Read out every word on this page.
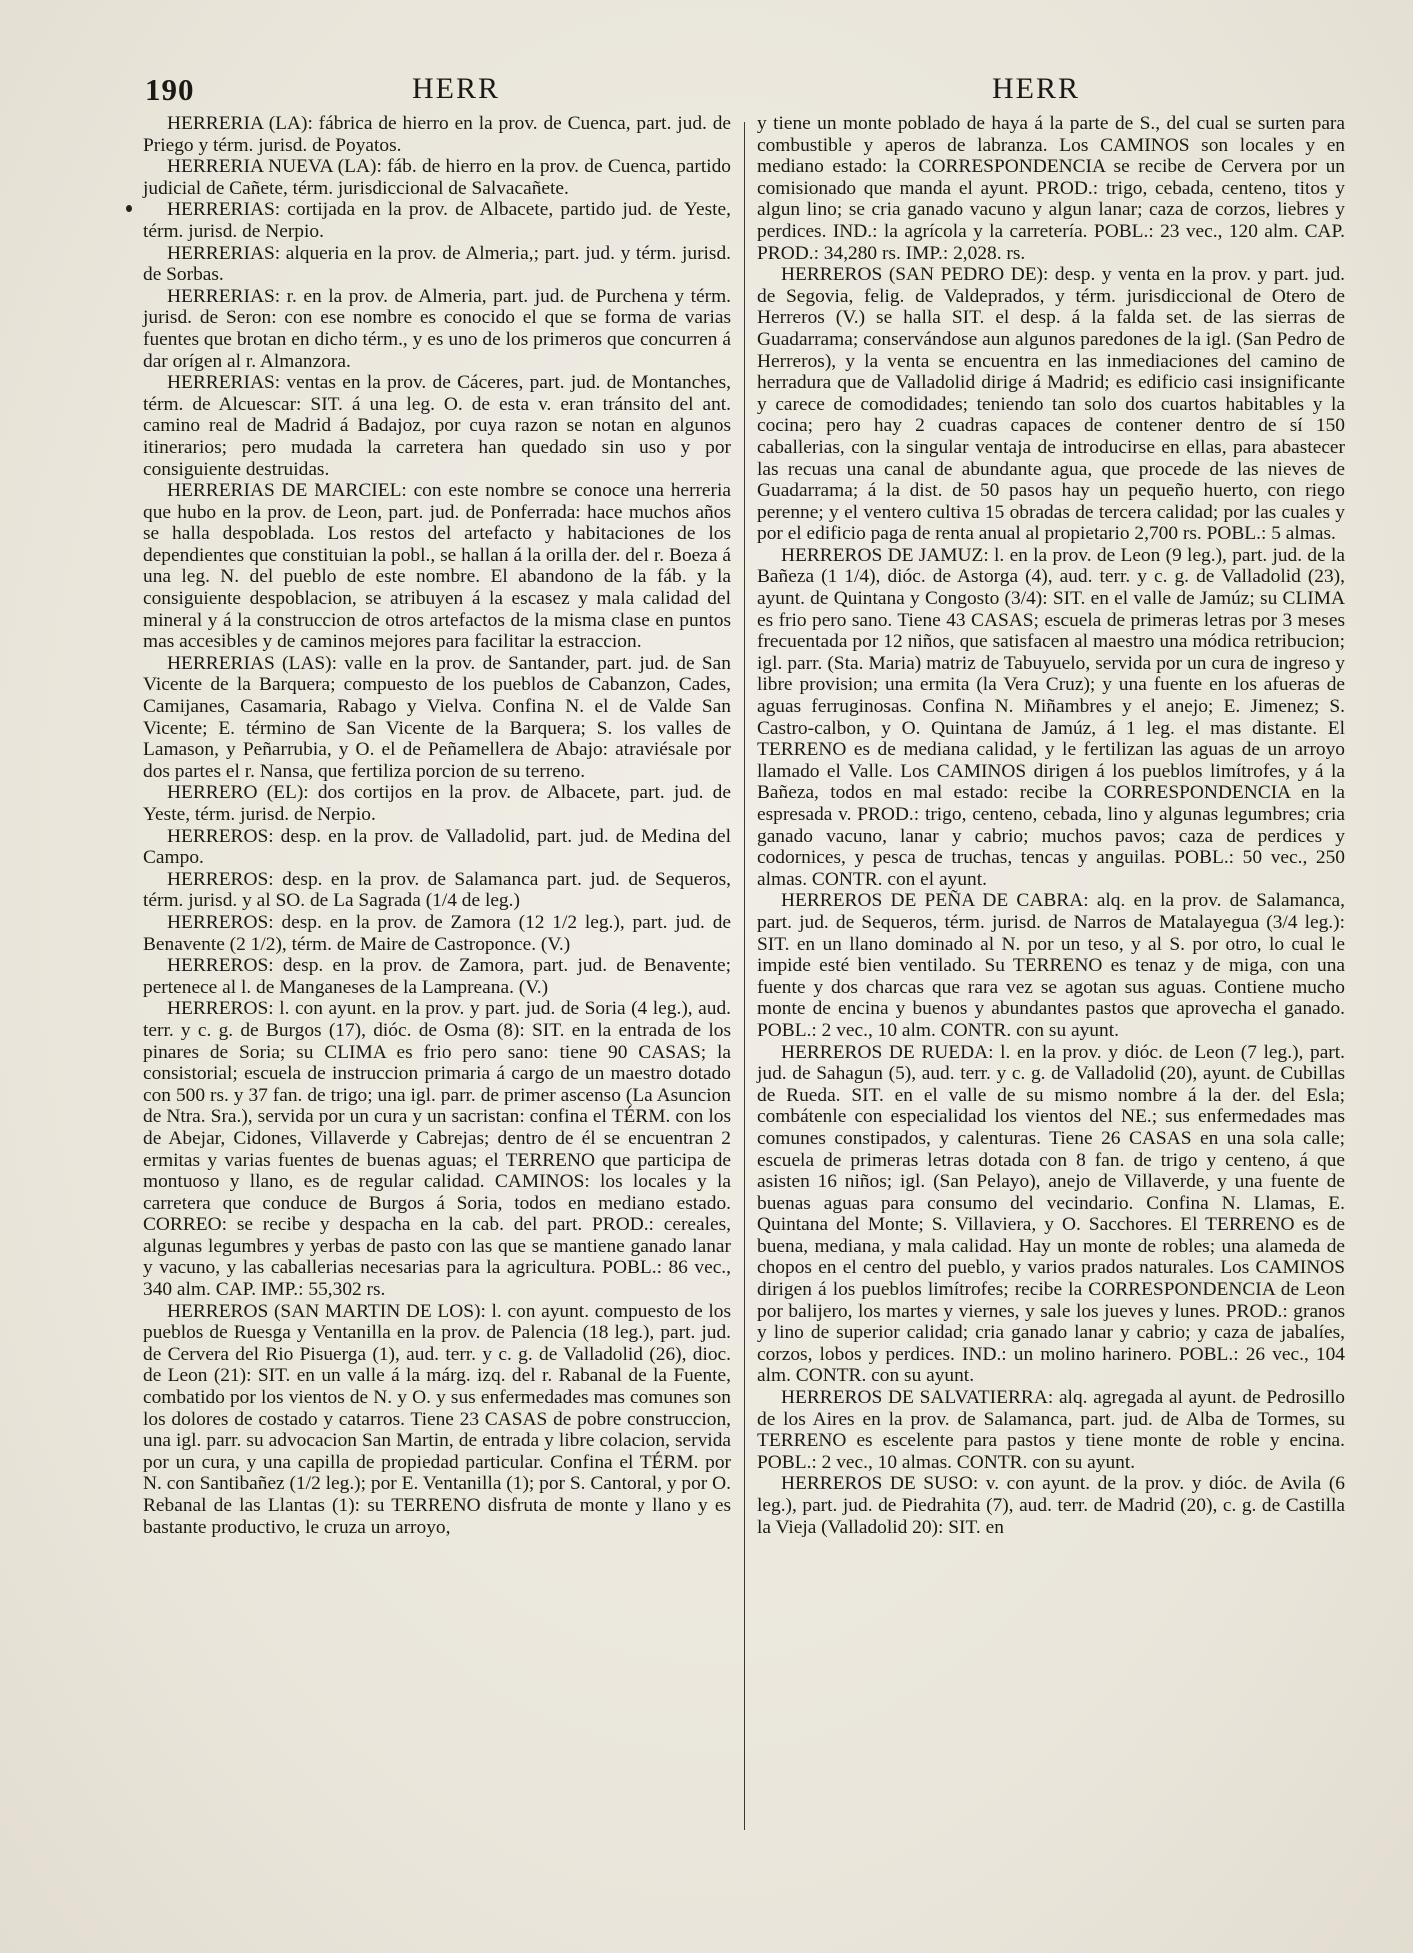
190	HERR	HERR

HERRERIA (LA): fábrica de hierro en la prov. de Cuenca, part. jud. de Priego y térm. jurisd. de Poyatos.

HERRERIA NUEVA (LA): fáb. de hierro en la prov. de Cuenca, partido judicial de Cañete, térm. jurisdiccional de Salvacañete.

HERRERIAS: cortijada en la prov. de Albacete, partido jud. de Yeste, térm. jurisd. de Nerpio.

HERRERIAS: alqueria en la prov. de Almeria,; part. jud. y térm. jurisd. de Sorbas.

HERRERIAS: r. en la prov. de Almeria, part. jud. de Purchena y térm. jurisd. de Seron: con ese nombre es conocido el que se forma de varias fuentes que brotan en dicho térm., y es uno de los primeros que concurren á dar orígen al r. Almanzora.

HERRERIAS: ventas en la prov. de Cáceres, part. jud. de Montanches, térm. de Alcuescar: SIT. á una leg. O. de esta v. eran tránsito del ant. camino real de Madrid á Badajoz, por cuya razon se notan en algunos itinerarios; pero mudada la carretera han quedado sin uso y por consiguiente destruidas.

HERRERIAS DE MARCIEL: con este nombre se conoce una herreria que hubo en la prov. de Leon, part. jud. de Ponferrada: hace muchos años se halla despoblada. Los restos del artefacto y habitaciones de los dependientes que constituian la pobl., se hallan á la orilla der. del r. Boeza á una leg. N. del pueblo de este nombre. El abandono de la fáb. y la consiguiente despoblacion, se atribuyen á la escasez y mala calidad del mineral y á la construccion de otros artefactos de la misma clase en puntos mas accesibles y de caminos mejores para facilitar la estraccion.

HERRERIAS (LAS): valle en la prov. de Santander, part. jud. de San Vicente de la Barquera; compuesto de los pueblos de Cabanzon, Cades, Camijanes, Casamaria, Rabago y Vielva. Confina N. el de Valde San Vicente; E. término de San Vicente de la Barquera; S. los valles de Lamason, y Peñarrubia, y O. el de Peñamellera de Abajo: atraviésale por dos partes el r. Nansa, que fertiliza porcion de su terreno.

HERRERO (EL): dos cortijos en la prov. de Albacete, part. jud. de Yeste, térm. jurisd. de Nerpio.

HERREROS: desp. en la prov. de Valladolid, part. jud. de Medina del Campo.

HERREROS: desp. en la prov. de Salamanca part. jud. de Sequeros, térm. jurisd. y al SO. de La Sagrada (1/4 de leg.)

HERREROS: desp. en la prov. de Zamora (12 1/2 leg.), part. jud. de Benavente (2 1/2), térm. de Maire de Castroponce. (V.)

HERREROS: desp. en la prov. de Zamora, part. jud. de Benavente; pertenece al l. de Manganeses de la Lampreana. (V.)

HERREROS: l. con ayunt. en la prov. y part. jud. de Soria (4 leg.), aud. terr. y c. g. de Burgos (17), dióc. de Osma (8): SIT. en la entrada de los pinares de Soria; su CLIMA es frio pero sano: tiene 90 CASAS; la consistorial; escuela de instruccion primaria á cargo de un maestro dotado con 500 rs. y 37 fan. de trigo; una igl. parr. de primer ascenso (La Asuncion de Ntra. Sra.), servida por un cura y un sacristan: confina el TÉRM. con los de Abejar, Cidones, Villaverde y Cabrejas; dentro de él se encuentran 2 ermitas y varias fuentes de buenas aguas; el TERRENO que participa de montuoso y llano, es de regular calidad. CAMINOS: los locales y la carretera que conduce de Burgos á Soria, todos en mediano estado. CORREO: se recibe y despacha en la cab. del part. PROD.: cereales, algunas legumbres y yerbas de pasto con las que se mantiene ganado lanar y vacuno, y las caballerias necesarias para la agricultura. POBL.: 86 vec., 340 alm. CAP. IMP.: 55,302 rs.

HERREROS (SAN MARTIN DE LOS): l. con ayunt. compuesto de los pueblos de Ruesga y Ventanilla en la prov. de Palencia (18 leg.), part. jud. de Cervera del Rio Pisuerga (1), aud. terr. y c. g. de Valladolid (26), dioc. de Leon (21): SIT. en un valle á la márg. izq. del r. Rabanal de la Fuente, combatido por los vientos de N. y O. y sus enfermedades mas comunes son los dolores de costado y catarros. Tiene 23 CASAS de pobre construccion, una igl. parr. su advocacion San Martin, de entrada y libre colacion, servida por un cura, y una capilla de propiedad particular. Confina el TÉRM. por N. con Santibañez (1/2 leg.); por E. Ventanilla (1); por S. Cantoral, y por O. Rebanal de las Llantas (1): su TERRENO disfruta de monte y llano y es bastante productivo, le cruza un arroyo,

y tiene un monte poblado de haya á la parte de S., del cual se surten para combustible y aperos de labranza. Los CAMINOS son locales y en mediano estado: la CORRESPONDENCIA se recibe de Cervera por un comisionado que manda el ayunt. PROD.: trigo, cebada, centeno, titos y algun lino; se cria ganado vacuno y algun lanar; caza de corzos, liebres y perdices. IND.: la agrícola y la carretería. POBL.: 23 vec., 120 alm. CAP. PROD.: 34,280 rs. IMP.: 2,028. rs.

HERREROS (SAN PEDRO DE): desp. y venta en la prov. y part. jud. de Segovia, felig. de Valdeprados, y térm. jurisdiccional de Otero de Herreros (V.) se halla SIT. el desp. á la falda set. de las sierras de Guadarrama; conservándose aun algunos paredones de la igl. (San Pedro de Herreros), y la venta se encuentra en las inmediaciones del camino de herradura que de Valladolid dirige á Madrid; es edificio casi insignificante y carece de comodidades; teniendo tan solo dos cuartos habitables y la cocina; pero hay 2 cuadras capaces de contener dentro de sí 150 caballerias, con la singular ventaja de introducirse en ellas, para abastecer las recuas una canal de abundante agua, que procede de las nieves de Guadarrama; á la dist. de 50 pasos hay un pequeño huerto, con riego perenne; y el ventero cultiva 15 obradas de tercera calidad; por las cuales y por el edificio paga de renta anual al propietario 2,700 rs. POBL.: 5 almas.

HERREROS DE JAMUZ: l. en la prov. de Leon (9 leg.), part. jud. de la Bañeza (1 1/4), dióc. de Astorga (4), aud. terr. y c. g. de Valladolid (23), ayunt. de Quintana y Congosto (3/4): SIT. en el valle de Jamúz; su CLIMA es frio pero sano. Tiene 43 CASAS; escuela de primeras letras por 3 meses frecuentada por 12 niños, que satisfacen al maestro una módica retribucion; igl. parr. (Sta. Maria) matriz de Tabuyuelo, servida por un cura de ingreso y libre provision; una ermita (la Vera Cruz); y una fuente en los afueras de aguas ferruginosas. Confina N. Miñambres y el anejo; E. Jimenez; S. Castro-calbon, y O. Quintana de Jamúz, á 1 leg. el mas distante. El TERRENO es de mediana calidad, y le fertilizan las aguas de un arroyo llamado el Valle. Los CAMINOS dirigen á los pueblos limítrofes, y á la Bañeza, todos en mal estado: recibe la CORRESPONDENCIA en la espresada v. PROD.: trigo, centeno, cebada, lino y algunas legumbres; cria ganado vacuno, lanar y cabrio; muchos pavos; caza de perdices y codornices, y pesca de truchas, tencas y anguilas. POBL.: 50 vec., 250 almas. CONTR. con el ayunt.

HERREROS DE PEÑA DE CABRA: alq. en la prov. de Salamanca, part. jud. de Sequeros, térm. jurisd. de Narros de Matalayegua (3/4 leg.): SIT. en un llano dominado al N. por un teso, y al S. por otro, lo cual le impide esté bien ventilado. Su TERRENO es tenaz y de miga, con una fuente y dos charcas que rara vez se agotan sus aguas. Contiene mucho monte de encina y buenos y abundantes pastos que aprovecha el ganado. POBL.: 2 vec., 10 alm. CONTR. con su ayunt.

HERREROS DE RUEDA: l. en la prov. y dióc. de Leon (7 leg.), part. jud. de Sahagun (5), aud. terr. y c. g. de Valladolid (20), ayunt. de Cubillas de Rueda. SIT. en el valle de su mismo nombre á la der. del Esla; combátenle con especialidad los vientos del NE.; sus enfermedades mas comunes constipados, y calenturas. Tiene 26 CASAS en una sola calle; escuela de primeras letras dotada con 8 fan. de trigo y centeno, á que asisten 16 niños; igl. (San Pelayo), anejo de Villaverde, y una fuente de buenas aguas para consumo del vecindario. Confina N. Llamas, E. Quintana del Monte; S. Villaviera, y O. Sacchores. El TERRENO es de buena, mediana, y mala calidad. Hay un monte de robles; una alameda de chopos en el centro del pueblo, y varios prados naturales. Los CAMINOS dirigen á los pueblos limítrofes; recibe la CORRESPONDENCIA de Leon por balijero, los martes y viernes, y sale los jueves y lunes. PROD.: granos y lino de superior calidad; cria ganado lanar y cabrio; y caza de jabalíes, corzos, lobos y perdices. IND.: un molino harinero. POBL.: 26 vec., 104 alm. CONTR. con su ayunt.

HERREROS DE SALVATIERRA: alq. agregada al ayunt. de Pedrosillo de los Aires en la prov. de Salamanca, part. jud. de Alba de Tormes, su TERRENO es escelente para pastos y tiene monte de roble y encina. POBL.: 2 vec., 10 almas. CONTR. con su ayunt.

HERREROS DE SUSO: v. con ayunt. de la prov. y dióc. de Avila (6 leg.), part. jud. de Piedrahita (7), aud. terr. de Madrid (20), c. g. de Castilla la Vieja (Valladolid 20): SIT. en
